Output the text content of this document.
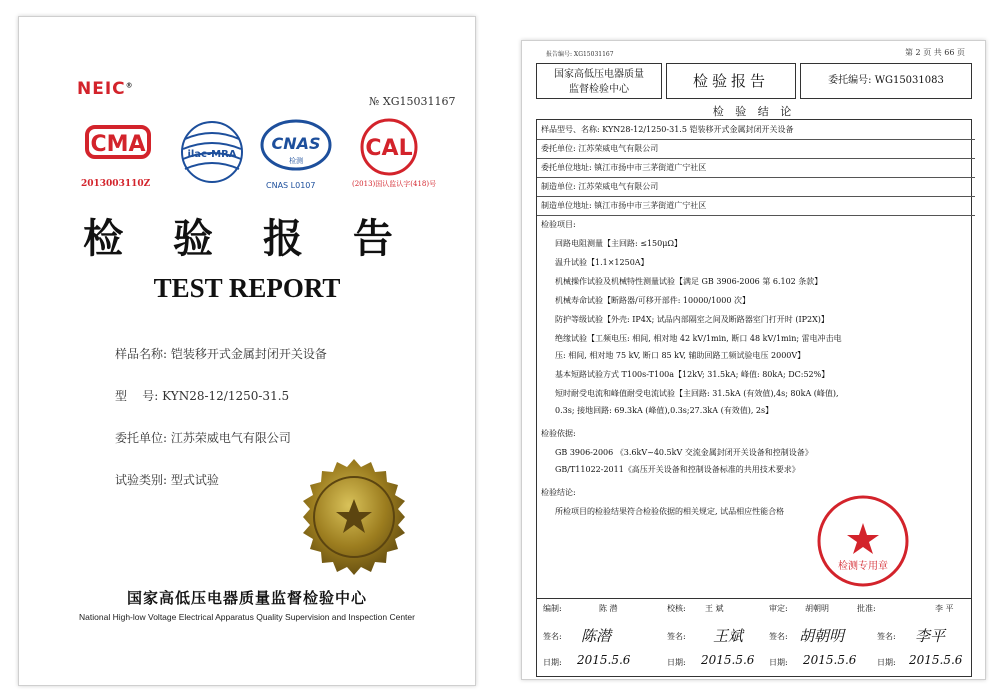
NEIC®
№ XG15031167
CMA
2013003110Z
ilac-MRA
CNAS
检测
CNAS L0107
CAL
(2013)国认监认字(418)号
检 验 报 告
TEST REPORT
样品名称: 铠装移开式金属封闭开关设备
型    号: KYN28-12/1250-31.5
委托单位: 江苏荣威电气有限公司
试验类别: 型式试验
国家高低压电器质量监督检验中心
National High-low Voltage Electrical Apparatus Quality Supervision and Inspection Center
报告编号: XG15031167	第 2 页 共 66 页
国家高低压电器质量
监督检验中心	检验报告	委托编号: WG15031083
检 验 结 论
样品型号、名称: KYN28-12/1250-31.5 铠装移开式金属封闭开关设备
委托单位: 江苏荣威电气有限公司
委托单位地址: 镇江市扬中市三茅街道广宁社区
制造单位: 江苏荣威电气有限公司
制造单位地址: 镇江市扬中市三茅街道广宁社区
检验项目:
回路电阻测量【主回路: ≤150μΩ】
温升试验【1.1×1250A】
机械操作试验及机械特性测量试验【满足 GB 3906-2006 第 6.102 条款】
机械寿命试验【断路器/可移开部件: 10000/1000 次】
防护等级试验【外壳: IP4X; 试品内部隔室之间及断路器室门打开时 (IP2X)】
绝缘试验【工频电压: 相间, 相对地 42 kV/1min, 断口 48 kV/1min; 雷电冲击电
压: 相间, 相对地 75 kV, 断口 85 kV, 辅助回路工频试验电压 2000V】
基本短路试验方式 T100s-T100a【12kV; 31.5kA; 峰值: 80kA; DC:52%】
短时耐受电流和峰值耐受电流试验【主回路: 31.5kA (有效值),4s; 80kA (峰值),
0.3s; 接地回路: 69.3kA (峰值),0.3s;27.3kA (有效值), 2s】
检验依据:
GB 3906-2006 《3.6kV~40.5kV 交流金属封闭开关设备和控制设备》
GB/T11022-2011《高压开关设备和控制设备标准的共用技术要求》
检验结论:
所检项目的检验结果符合检验依据的相关规定, 试品相应性能合格
检测专用章
编制:	陈 潜	校核: 王 斌	审定: 胡朝明	批准:	李 平
签名: 陈潜	签名: 王斌	签名: 胡朝明	签名: 李平
日期: 2015.5.6	日期: 2015.5.6 日期: 2015.5.6	日期: 2015.5.6
